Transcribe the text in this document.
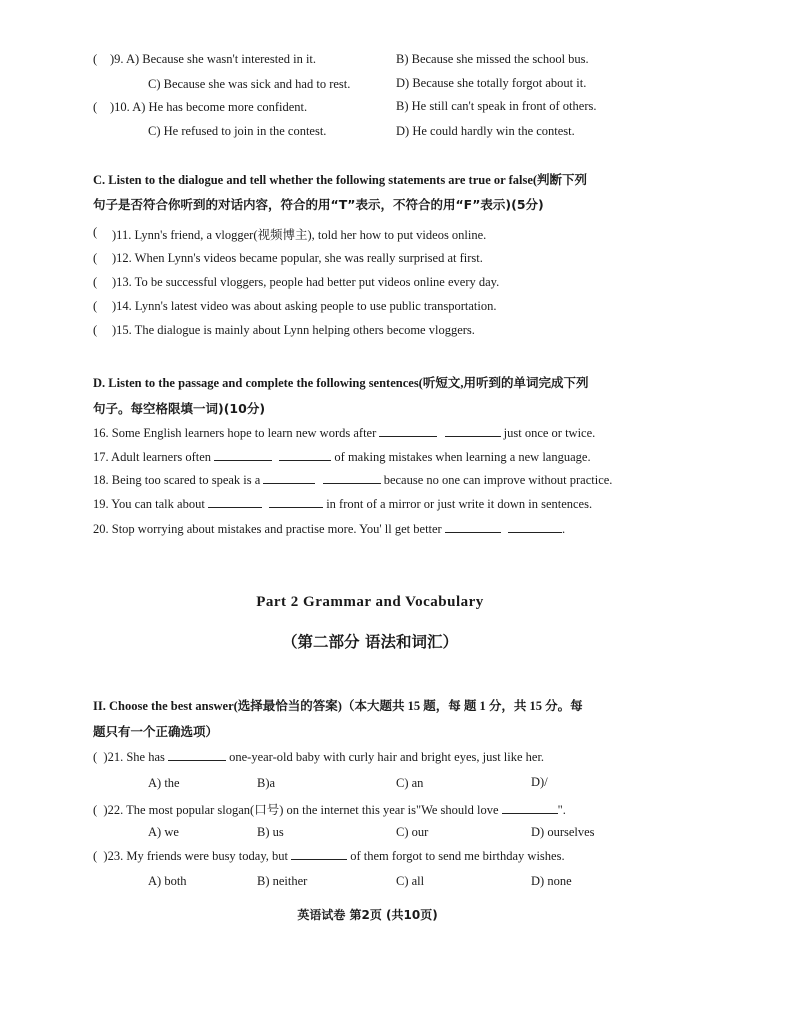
( )9. A) Because she wasn't interested in it.	B) Because she missed the school bus.
C) Because she was sick and had to rest.	D) Because she totally forgot about it.
( )10. A) He has become more confident.	B) He still can't speak in front of others.
C) He refused to join in the contest.	D) He could hardly win the contest.
C. Listen to the dialogue and tell whether the following statements are true or false(判断下列
句子是否符合你听到的对话内容，符合的用“T”表示，不符合的用“F”表示)(5分)
( )11. Lynn's friend, a vlogger(视频博主), told her how to put videos online.
( )12. When Lynn's videos became popular, she was really surprised at first.
( )13. To be successful vloggers, people had better put videos online every day.
( )14. Lynn's latest video was about asking people to use public transportation.
( )15. The dialogue is mainly about Lynn helping others become vloggers.
D. Listen to the passage and complete the following sentences(听短文,用听到的单词完成下列
句子。每空格限填一词)(10分)
16. Some English learners hope to learn new words after	just once or twice.
17. Adult learners often	of making mistakes when learning a new language.
18. Being too scared to speak is a	because no one can improve without practice.
19. You can talk about	in front of a mirror or just write it down in sentences.
20. Stop worrying about mistakes and practise more. You' ll get better	.
Part 2 Grammar and Vocabulary
（第二部分 语法和词汇）
II. Choose the best answer(选择最恰当的答案)（本大题共 15 题，每 题 1 分，共 15 分。每
题只有一个正确选项）
( )21. She has	one-year-old baby with curly hair and bright eyes, just like her.
A) the	B)a	C) an	D)/
( )22. The most popular slogan(口号) on the internet this year is"We should love	".
A) we	B) us	C) our	D) ourselves
( )23. My friends were busy today, but	of them forgot to send me birthday wishes.
A) both	B) neither	C) all	D) none
英语试卷 第2页 (共10页)
